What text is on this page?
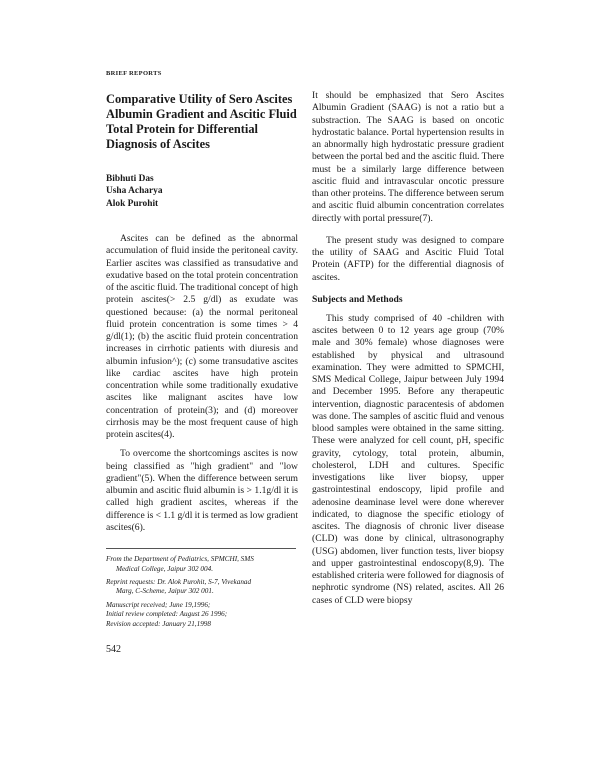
BRIEF REPORTS
Comparative Utility of Sero Ascites Albumin Gradient and Ascitic Fluid Total Protein for Differential Diagnosis of Ascites
Bibhuti Das
Usha Acharya
Alok Purohit

Ascites can be defined as the abnormal accumulation of fluid inside the peritoneal cavity. Earlier ascites was classified as transudative and exudative based on the total protein concentration of the ascitic fluid. The traditional concept of high protein ascites(> 2.5 g/dl) as exudate was questioned because: (a) the normal peritoneal fluid protein concentration is some times > 4 g/dl(1); (b) the ascitic fluid protein concentration increases in cirrhotic patients with diuresis and albumin infusion^); (c) some transudative ascites like cardiac ascites have high protein concentration while some traditionally exudative ascites like malignant ascites have low concentration of protein(3); and (d) moreover cirrhosis may be the most frequent cause of high protein ascites(4).

To overcome the shortcomings ascites is now being classified as "high gradient" and "low gradient"(5). When the difference between serum albumin and ascitic fluid albumin is > 1.1g/dl it is called high gradient ascites, whereas if the difference is < 1.1 g/dl it is termed as low gradient ascites(6).

From the Department of Pediatrics, SPMCHI, SMS
Medical College, Jaipur 302 004.
Reprint requests: Dr. Alok Purohit, S-7, Vivekanad
Marg, C-Scheme, Jaipur 302 001.
Manuscript received; June 19,1996;
Initial review completed: August 26 1996;
Revision accepted: January 21,1998
542

It should be emphasized that Sero Ascites Albumin Gradient (SAAG) is not a ratio but a substraction. The SAAG is based on oncotic hydrostatic balance. Portal hypertension results in an abnormally high hydrostatic pressure gradient between the portal bed and the ascitic fluid. There must be a similarly large difference between ascitic fluid and intravascular oncotic pressure than other proteins. The difference between serum and ascitic fluid albumin concentration correlates directly with portal pressure(7).

The present study was designed to compare the utility of SAAG and Ascitic Fluid Total Protein (AFTP) for the differential diagnosis of ascites.

Subjects and Methods

This study comprised of 40 -children with ascites between 0 to 12 years age group (70% male and 30% female) whose diagnoses were established by physical and ultrasound examination. They were admitted to SPMCHI, SMS Medical College, Jaipur between July 1994 and December 1995. Before any therapeutic intervention, diagnostic paracentesis of abdomen was done. The samples of ascitic fluid and venous blood samples were obtained in the same sitting. These were analyzed for cell count, pH, specific gravity, cytology, total protein, albumin, cholesterol, LDH and cultures. Specific investigations like liver biopsy, upper gastrointestinal endoscopy, lipid profile and adenosine deaminase level were done wherever indicated, to diagnose the specific etiology of ascites. The diagnosis of chronic liver disease (CLD) was done by clinical, ultrasonography (USG) abdomen, liver function tests, liver biopsy and upper gastrointestinal endoscopy(8,9). The established criteria were followed for diagnosis of nephrotic syndrome (NS) related, ascites. All 26 cases of CLD were biopsy
